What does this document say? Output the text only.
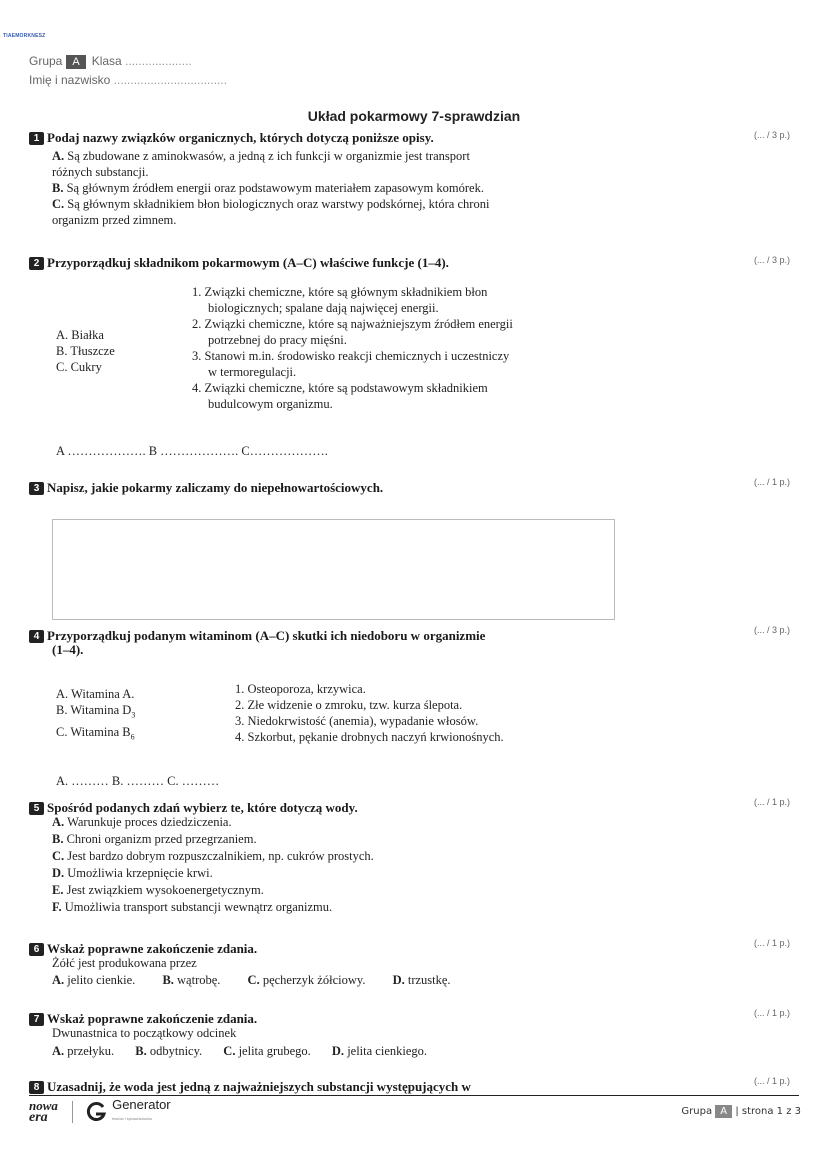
TIAEMORKNESZ
Grupa A Klasa ....................
Imię i nazwisko ..................................
Układ pokarmowy 7-sprawdzian
1 Podaj nazwy związków organicznych, których dotyczą poniższe opisy.	(... / 3 p.)
A. Są zbudowane z aminokwasów, a jedną z ich funkcji w organizmie jest transport
różnych substancji.
B. Są głównym źródłem energii oraz podstawowym materiałem zapasowym komórek.
C. Są głównym składnikiem błon biologicznych oraz warstwy podskórnej, która chroni
organizm przed zimnem.
2 Przyporządkuj składnikom pokarmowym (A–C) właściwe funkcje (1–4).	(... / 3 p.)
A. Białka
B. Tłuszcze
C. Cukry
1. Związki chemiczne, które są głównym składnikiem błon
biologicznych; spalane dają najwięcej energii.
2. Związki chemiczne, które są najważniejszym źródłem energii
potrzebnej do pracy mięśni.
3. Stanowi m.in. środowisko reakcji chemicznych i uczestniczy
w termoregulacji.
4. Związki chemiczne, które są podstawowym składnikiem
budulcowym organizmu.
A ………………. B ………………. C……………….
3 Napisz, jakie pokarmy zaliczamy do niepełnowartościowych.	(... / 1 p.)
4 Przyporządkuj podanym witaminom (A–C) skutki ich niedoboru w organizmie
(1–4).
(... / 3 p.)
A. Witamina A.
B. Witamina $D_3$
C. Witamina $B_6$
1. Osteoporoza, krzywica.
2. Złe widzenie o zmroku, tzw. kurza ślepota.
3. Niedokrwistość (anemia), wypadanie włosów.
4. Szkorbut, pękanie drobnych naczyń krwionośnych.
A. ……… B. ……… C. ………
5 Spośród podanych zdań wybierz te, które dotyczą wody.	(... / 1 p.)
A. Warunkuje proces dziedziczenia.
B. Chroni organizm przed przegrzaniem.
C. Jest bardzo dobrym rozpuszczalnikiem, np. cukrów prostych.
D. Umożliwia krzepnięcie krwi.
E. Jest związkiem wysokoenergetycznym.
F. Umożliwia transport substancji wewnątrz organizmu.
6 Wskaż poprawne zakończenie zdania.	(... / 1 p.)
Żółć jest produkowana przez
A. jelito cienkie. B. wątrobę. C. pęcherzyk żółciowy. D. trzustkę.
7 Wskaż poprawne zakończenie zdania.	(... / 1 p.)
Dwunastnica to początkowy odcinek
A. przełyku. B. odbytnicy. C. jelita grubego. D. jelita cienkiego.
8 Uzasadnij, że woda jest jedną z najważniejszych substancji występujących w	(... / 1 p.)
nowa
era
Generator
testów i sprawdzianów
Grupa A | strona 1 z 3
